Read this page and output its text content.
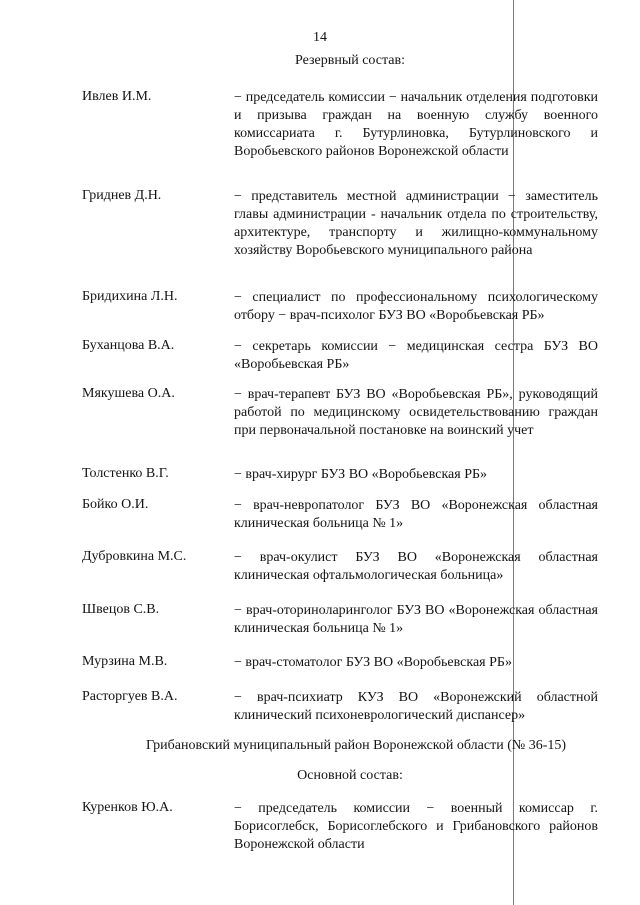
14
Резервный состав:
Ивлев И.М.	− председатель комиссии − начальник отделения подготовки и призыва граждан на военную службу военного комиссариата г. Бутурлиновка, Бутурлиновского и Воробьевского районов Воронежской области
Гриднев Д.Н.	− представитель местной администрации − заместитель главы администрации - начальник отдела по строительству, архитектуре, транспорту и жилищно-коммунальному хозяйству Воробьевского муниципального района
Бридихина Л.Н.	− специалист по профессиональному психологическому отбору − врач-психолог БУЗ ВО «Воробьевская РБ»
Буханцова В.А.	− секретарь комиссии − медицинская сестра БУЗ ВО «Воробьевская РБ»
Мякушева О.А.	− врач-терапевт БУЗ ВО «Воробьевская РБ», руководящий работой по медицинскому освидетельствованию граждан при первоначальной постановке на воинский учет
Толстенко В.Г.	− врач-хирург БУЗ ВО «Воробьевская РБ»
Бойко О.И.	− врач-невропатолог БУЗ ВО «Воронежская областная клиническая больница № 1»
Дубровкина М.С.	− врач-окулист БУЗ ВО «Воронежская областная клиническая офтальмологическая больница»
Швецов С.В.	− врач-оториноларинголог БУЗ ВО «Воронежская областная клиническая больница № 1»
Мурзина М.В.	− врач-стоматолог БУЗ ВО «Воробьевская РБ»
Расторгуев В.А.	− врач-психиатр КУЗ ВО «Воронежский областной клинический психоневрологический диспансер»
Грибановский муниципальный район Воронежской области (№ 36-15)
Основной состав:
Куренков Ю.А.	− председатель комиссии − военный комиссар г. Борисоглебск, Борисоглебского и Грибановского районов Воронежской области
